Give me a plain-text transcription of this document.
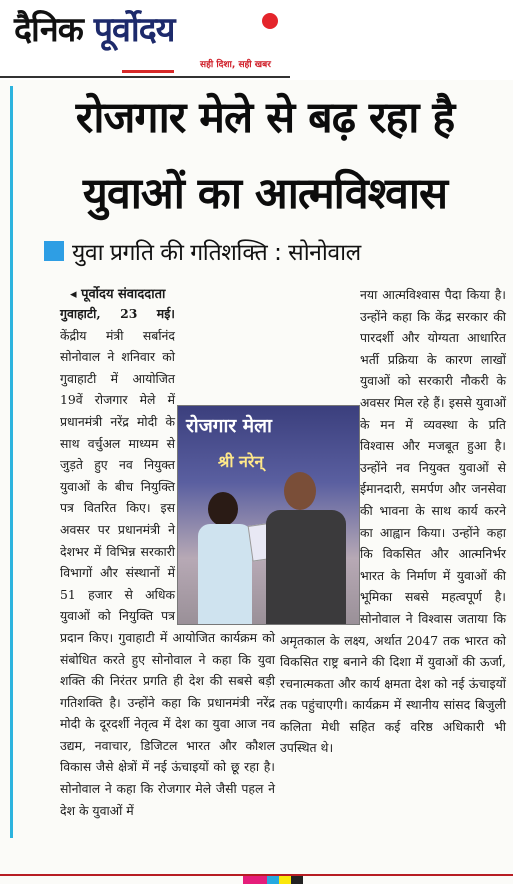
दैनिक पूर्वोदय
सही दिशा, सही खबर
रोजगार मेले से बढ़ रहा है
युवाओं का आत्मविश्वास
युवा प्रगति की गतिशक्ति : सोनोवाल
◂ पूर्वोदय संवाददाता

गुवाहाटी, 23 मई। केंद्रीय मंत्री सर्बानंद सोनोवाल ने शनिवार को गुवाहाटी में आयोजित 19वें रोजगार मेले में प्रधानमंत्री नरेंद्र मोदी के साथ वर्चुअल माध्यम से जुड़ते हुए नव नियुक्त युवाओं के बीच नियुक्ति पत्र वितरित किए। इस अवसर पर प्रधानमंत्री ने देशभर में विभिन्न सरकारी विभागों और संस्थानों में 51 हजार से अधिक युवाओं को नियुक्ति पत्र प्रदान किए। गुवाहाटी में आयोजित कार्यक्रम को संबोधित करते हुए सोनोवाल ने कहा कि युवा शक्ति की निरंतर प्रगति ही देश की सबसे बड़ी गतिशक्ति है। उन्होंने कहा कि प्रधानमंत्री नरेंद्र मोदी के दूरदर्शी नेतृत्व में देश का युवा आज नव उद्यम, नवाचार, डिजिटल भारत और कौशल विकास जैसे क्षेत्रों में नई ऊंचाइयों को छू रहा है। सोनोवाल ने कहा कि रोजगार मेले जैसी पहल ने देश के युवाओं में

नया आत्मविश्वास पैदा किया है। उन्होंने कहा कि केंद्र सरकार की पारदर्शी और योग्यता आधारित भर्ती प्रक्रिया के कारण लाखों युवाओं को सरकारी नौकरी के अवसर मिल रहे हैं। इससे युवाओं के मन में व्यवस्था के प्रति विश्वास और मजबूत हुआ है। उन्होंने नव नियुक्त युवाओं से ईमानदारी, समर्पण और जनसेवा की भावना के साथ कार्य करने का आह्वान किया। उन्होंने कहा कि विकसित और आत्मनिर्भर भारत के निर्माण में युवाओं की भूमिका सबसे महत्वपूर्ण है। सोनोवाल ने विश्वास जताया कि अमृतकाल के लक्ष्य, अर्थात 2047 तक भारत को विकसित राष्ट्र बनाने की दिशा में युवाओं की ऊर्जा, रचनात्मकता और कार्य क्षमता देश को नई ऊंचाइयों तक पहुंचाएगी। कार्यक्रम में स्थानीय सांसद बिजुली कलिता मेधी सहित कई वरिष्ठ अधिकारी भी उपस्थित थे।

रोजगार मेला
श्री नरेन्
